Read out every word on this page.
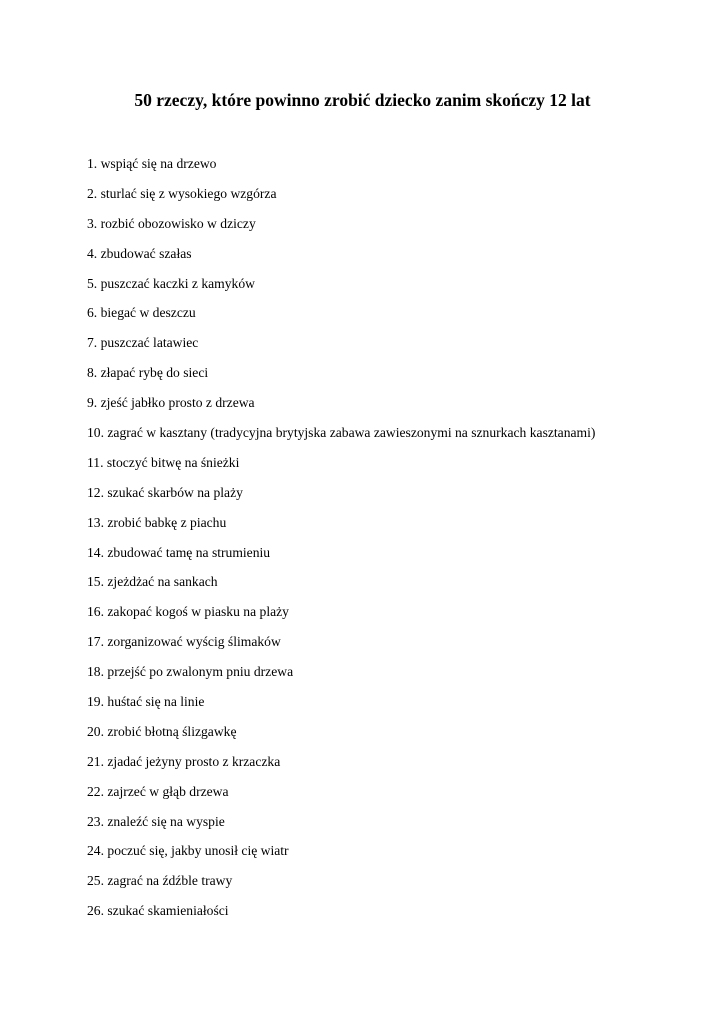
50 rzeczy, które powinno zrobić dziecko zanim skończy 12 lat
1. wspiąć się na drzewo
2. sturlać się z wysokiego wzgórza
3. rozbić obozowisko w dziczy
4. zbudować szałas
5. puszczać kaczki z kamyków
6. biegać w deszczu
7. puszczać latawiec
8. złapać rybę do sieci
9. zjeść jabłko prosto z drzewa
10. zagrać w kasztany (tradycyjna brytyjska zabawa zawieszonymi na sznurkach kasztanami)
11. stoczyć bitwę na śnieżki
12. szukać skarbów na plaży
13. zrobić babkę z piachu
14. zbudować tamę na strumieniu
15. zjeżdżać na sankach
16. zakopać kogoś w piasku na plaży
17. zorganizować wyścig ślimaków
18. przejść po zwalonym pniu drzewa
19. huśtać się na linie
20. zrobić błotną ślizgawkę
21. zjadać jeżyny prosto z krzaczka
22. zajrzeć w głąb drzewa
23. znaleźć się na wyspie
24. poczuć się, jakby unosił cię wiatr
25. zagrać na źdźble trawy
26. szukać skamieniałości
